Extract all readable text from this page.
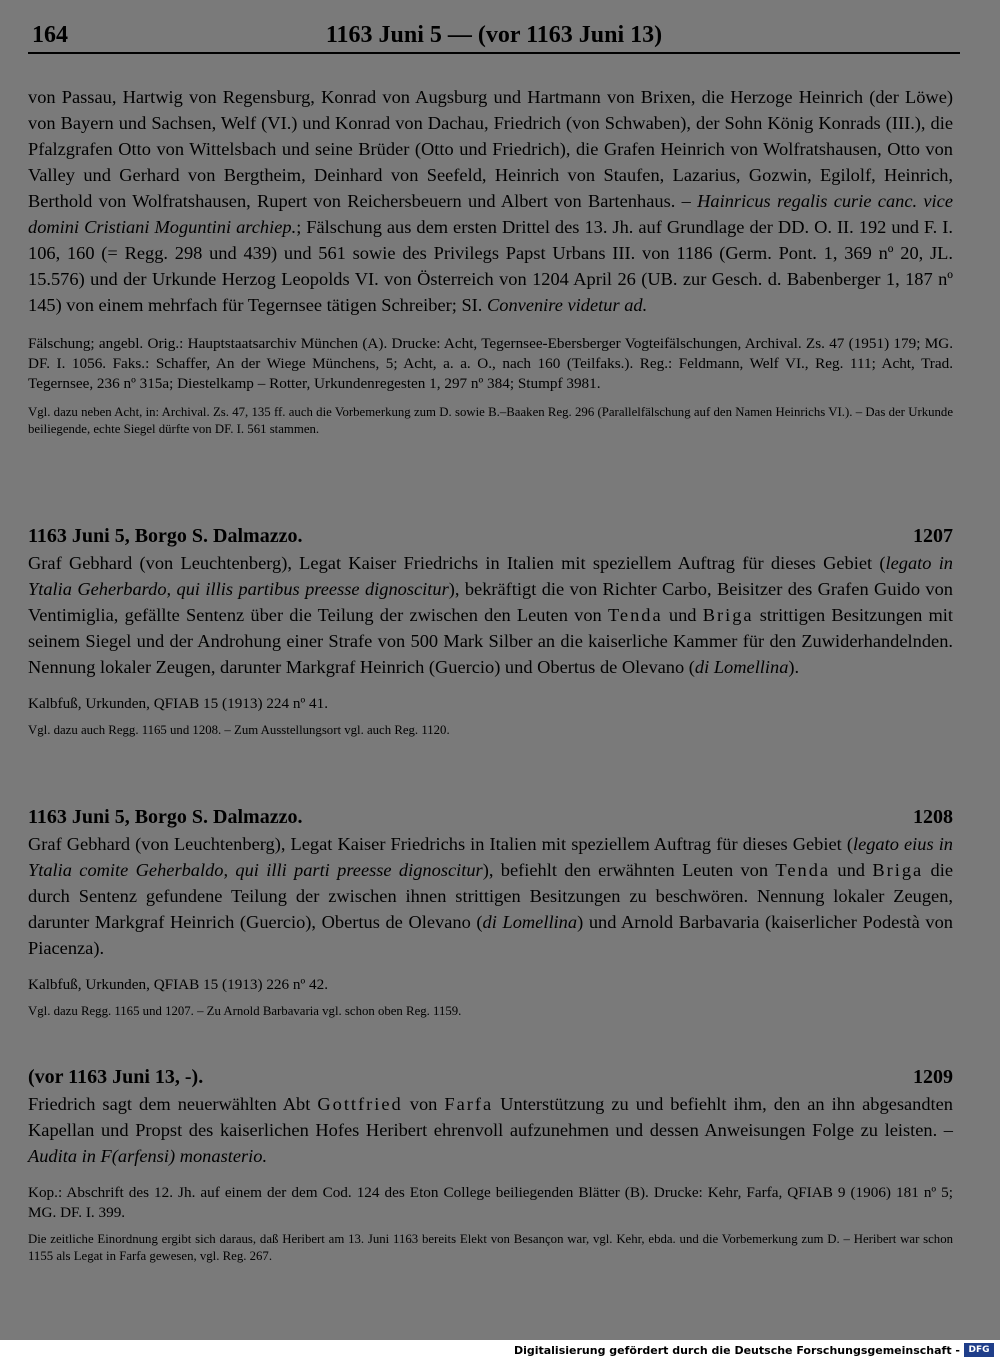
164	1163 Juni 5 — (vor 1163 Juni 13)

von Passau, Hartwig von Regensburg, Konrad von Augsburg und Hartmann von Brixen, die Herzoge Heinrich (der Löwe) von Bayern und Sachsen, Welf (VI.) und Konrad von Dachau, Friedrich (von Schwaben), der Sohn König Konrads (III.), die Pfalzgrafen Otto von Wittelsbach und seine Brüder (Otto und Friedrich), die Grafen Heinrich von Wolfratshausen, Otto von Valley und Gerhard von Bergtheim, Deinhard von Seefeld, Heinrich von Staufen, Lazarius, Gozwin, Egilolf, Heinrich, Berthold von Wolfratshausen, Rupert von Reichersbeuern und Albert von Bartenhaus. – Hainricus regalis curie canc. vice domini Cristiani Moguntini archiep.; Fälschung aus dem ersten Drittel des 13. Jh. auf Grundlage der DD. O. II. 192 und F. I. 106, 160 (= Regg. 298 und 439) und 561 sowie des Privilegs Papst Urbans III. von 1186 (Germ. Pont. 1, 369 nº 20, JL. 15.576) und der Urkunde Herzog Leopolds VI. von Österreich von 1204 April 26 (UB. zur Gesch. d. Babenberger 1, 187 nº 145) von einem mehrfach für Tegernsee tätigen Schreiber; SI. Convenire videtur ad.

Fälschung; angebl. Orig.: Hauptstaatsarchiv München (A). Drucke: Acht, Tegernsee-Ebersberger Vogteifälschungen, Archival. Zs. 47 (1951) 179; MG. DF. I. 1056. Faks.: Schaffer, An der Wiege Münchens, 5; Acht, a. a. O., nach 160 (Teilfaks.). Reg.: Feldmann, Welf VI., Reg. 111; Acht, Trad. Tegernsee, 236 nº 315a; Diestelkamp – Rotter, Urkundenregesten 1, 297 nº 384; Stumpf 3981.

Vgl. dazu neben Acht, in: Archival. Zs. 47, 135 ff. auch die Vorbemerkung zum D. sowie B.–Baaken Reg. 296 (Parallelfälschung auf den Namen Heinrichs VI.). – Das der Urkunde beiliegende, echte Siegel dürfte von DF. I. 561 stammen.

1163 Juni 5, Borgo S. Dalmazzo.	1207

Graf Gebhard (von Leuchtenberg), Legat Kaiser Friedrichs in Italien mit speziellem Auftrag für dieses Gebiet (legato in Ytalia Geherbardo, qui illis partibus preesse dignoscitur), bekräftigt die von Richter Carbo, Beisitzer des Grafen Guido von Ventimiglia, gefällte Sentenz über die Teilung der zwischen den Leuten von Tenda und Briga strittigen Besitzungen mit seinem Siegel und der Androhung einer Strafe von 500 Mark Silber an die kaiserliche Kammer für den Zuwiderhandelnden. Nennung lokaler Zeugen, darunter Markgraf Heinrich (Guercio) und Obertus de Olevano (di Lomellina).

Kalbfuß, Urkunden, QFIAB 15 (1913) 224 nº 41.

Vgl. dazu auch Regg. 1165 und 1208. – Zum Ausstellungsort vgl. auch Reg. 1120.

1163 Juni 5, Borgo S. Dalmazzo.	1208

Graf Gebhard (von Leuchtenberg), Legat Kaiser Friedrichs in Italien mit speziellem Auftrag für dieses Gebiet (legato eius in Ytalia comite Geherbaldo, qui illi parti preesse dignoscitur), befiehlt den erwähnten Leuten von Tenda und Briga die durch Sentenz gefundene Teilung der zwischen ihnen strittigen Besitzungen zu beschwören. Nennung lokaler Zeugen, darunter Markgraf Heinrich (Guercio), Obertus de Olevano (di Lomellina) und Arnold Barbavaria (kaiserlicher Podestà von Piacenza).

Kalbfuß, Urkunden, QFIAB 15 (1913) 226 nº 42.

Vgl. dazu Regg. 1165 und 1207. – Zu Arnold Barbavaria vgl. schon oben Reg. 1159.

(vor 1163 Juni 13, -).	1209

Friedrich sagt dem neuerwählten Abt Gottfried von Farfa Unterstützung zu und befiehlt ihm, den an ihn abgesandten Kapellan und Propst des kaiserlichen Hofes Heribert ehrenvoll aufzunehmen und dessen Anweisungen Folge zu leisten. – Audita in F(arfensi) monasterio.

Kop.: Abschrift des 12. Jh. auf einem der dem Cod. 124 des Eton College beiliegenden Blätter (B). Drucke: Kehr, Farfa, QFIAB 9 (1906) 181 nº 5; MG. DF. I. 399.

Die zeitliche Einordnung ergibt sich daraus, daß Heribert am 13. Juni 1163 bereits Elekt von Besançon war, vgl. Kehr, ebda. und die Vorbemerkung zum D. – Heribert war schon 1155 als Legat in Farfa gewesen, vgl. Reg. 267.

Digitalisierung gefördert durch die Deutsche Forschungsgemeinschaft - DFG
